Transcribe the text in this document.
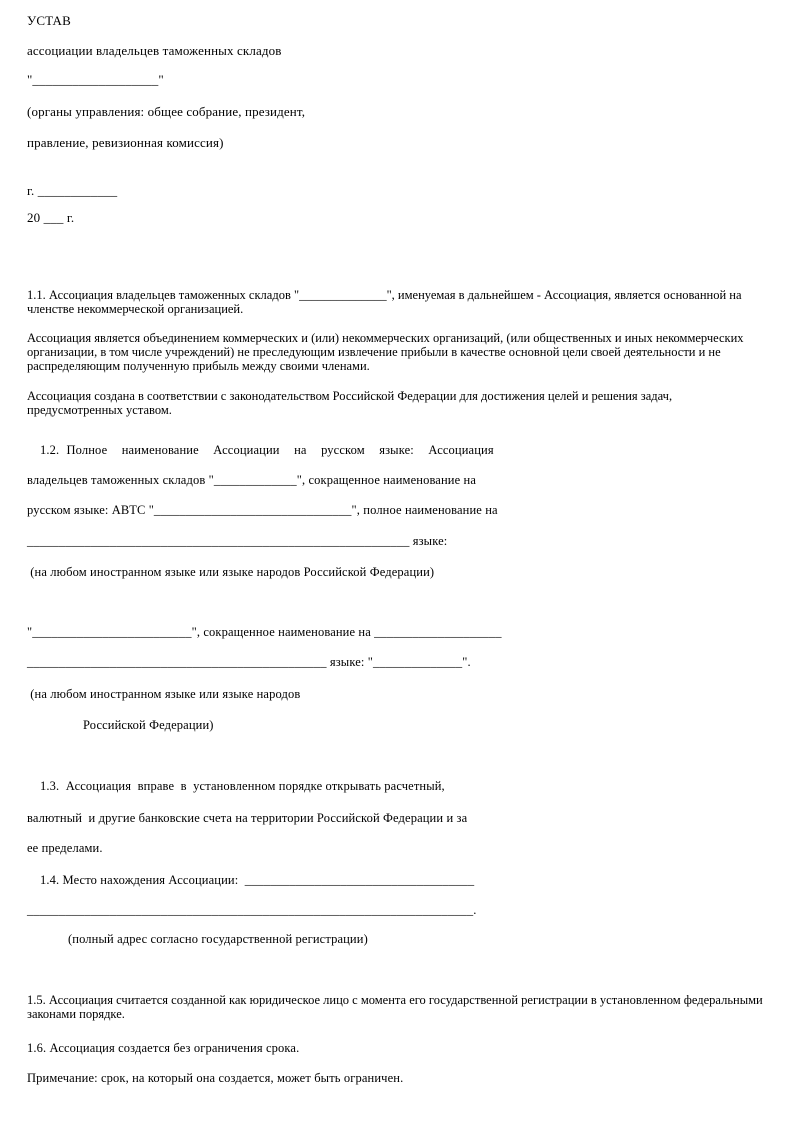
УСТАВ
ассоциации владельцев таможенных складов
"___________________"
(органы управления: общее собрание, президент,
правление, ревизионная комиссия)
г. ____________
20 ___ г.
1.1. Ассоциация владельцев таможенных складов "______________", именуемая в дальнейшем - Ассоциация, является основанной на членстве некоммерческой организацией.
Ассоциация является объединением коммерческих и (или) некоммерческих организаций, (или общественных и иных некоммерческих организации, в том числе учреждений) не преследующим извлечение прибыли в качестве основной цели своей деятельности и не распределяющим полученную прибыль между своими членами.
Ассоциация создана в соответствии с законодательством Российской Федерации для достижения целей и решения задач, предусмотренных уставом.
1.2. Полное  наименование  Ассоциации  на  русском  языке:  Ассоциация
владельцев таможенных складов "_____________", сокращенное наименование на
русском языке: АВТС "_______________________________", полное наименование на
____________________________________________________________ языке:
(на любом иностранном языке или языке народов Российской Федерации)
"_________________________", сокращенное наименование на ____________________
_______________________________________________ языке: "______________".
(на любом иностранном языке или языке народов
Российской Федерации)
1.3.  Ассоциация  вправе  в  установленном порядке открывать расчетный,
валютный  и другие банковские счета на территории Российской Федерации и за
ее пределами.
1.4. Место нахождения Ассоциации:  ____________________________________
______________________________________________________________________.
(полный адрес согласно государственной регистрации)
1.5. Ассоциация считается созданной как юридическое лицо с момента его государственной регистрации в установленном федеральными законами порядке.
1.6. Ассоциация создается без ограничения срока.
Примечание: срок, на который она создается, может быть ограничен.
